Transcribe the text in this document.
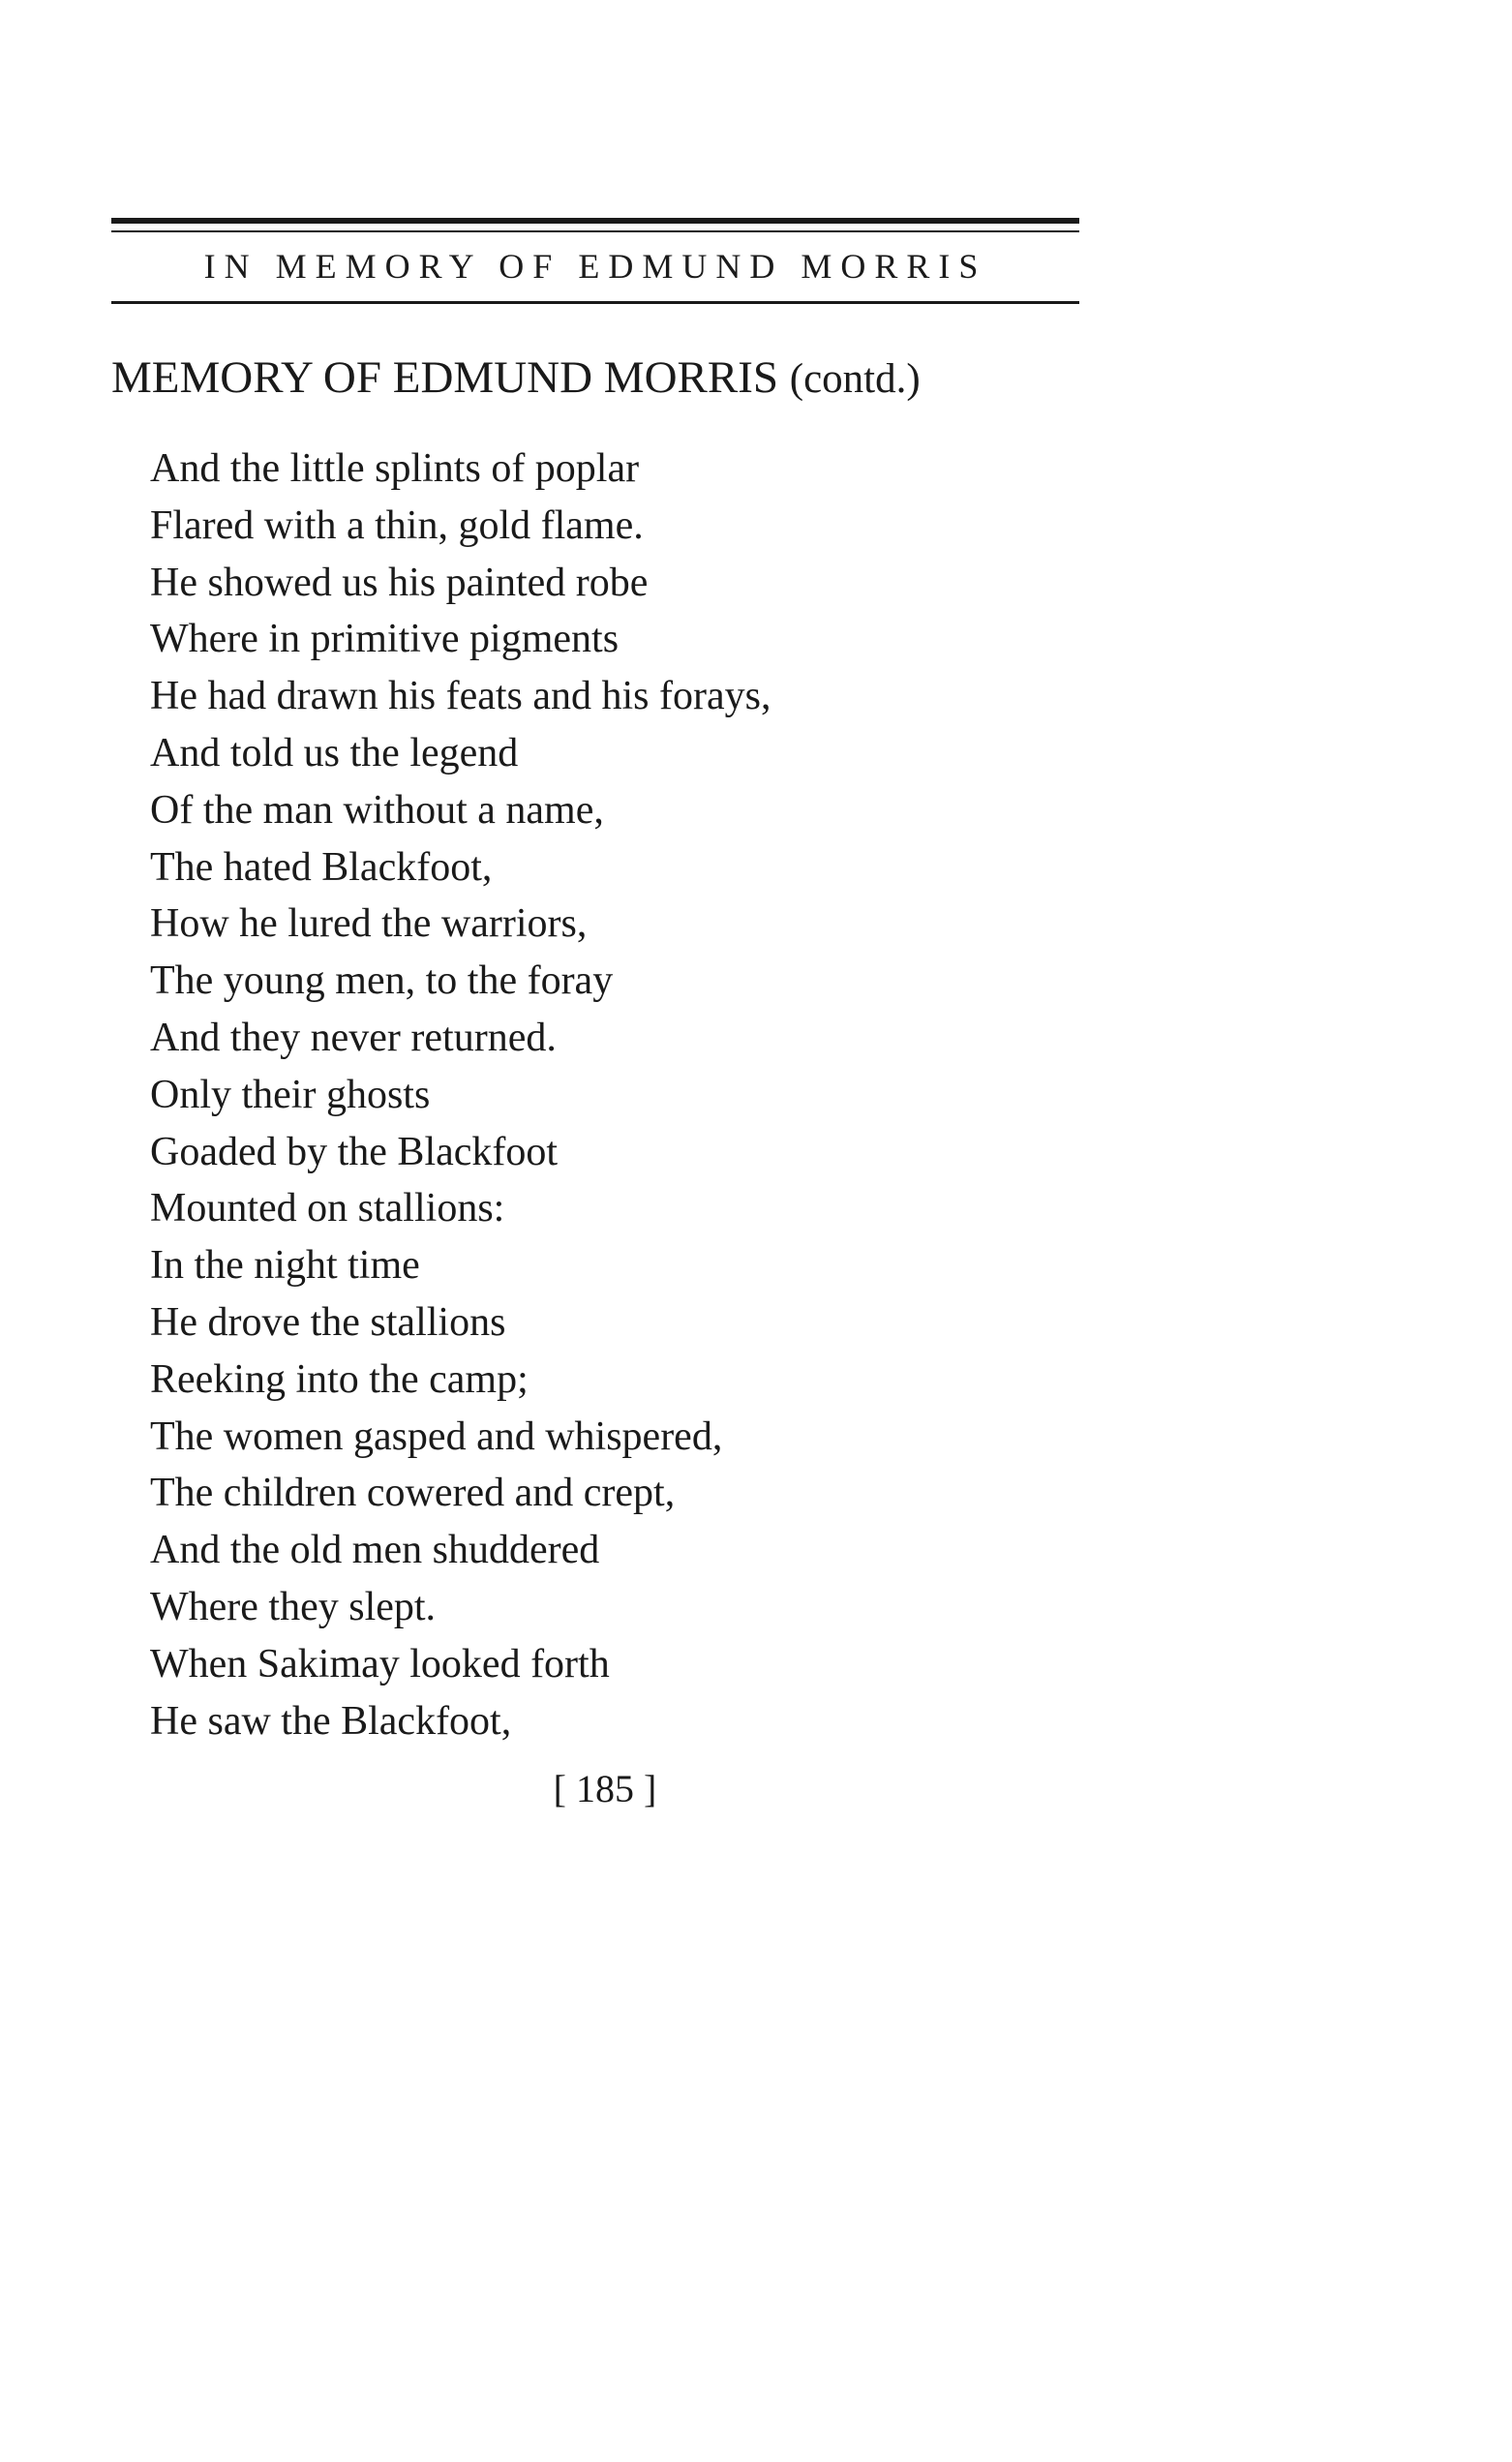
IN MEMORY OF EDMUND MORRIS
MEMORY OF EDMUND MORRIS (contd.)
And the little splints of poplar
Flared with a thin, gold flame.
He showed us his painted robe
Where in primitive pigments
He had drawn his feats and his forays,
And told us the legend
Of the man without a name,
The hated Blackfoot,
How he lured the warriors,
The young men, to the foray
And they never returned.
Only their ghosts
Goaded by the Blackfoot
Mounted on stallions:
In the night time
He drove the stallions
Reeking into the camp;
The women gasped and whispered,
The children cowered and crept,
And the old men shuddered
Where they slept.
When Sakimay looked forth
He saw the Blackfoot,
[ 185 ]
